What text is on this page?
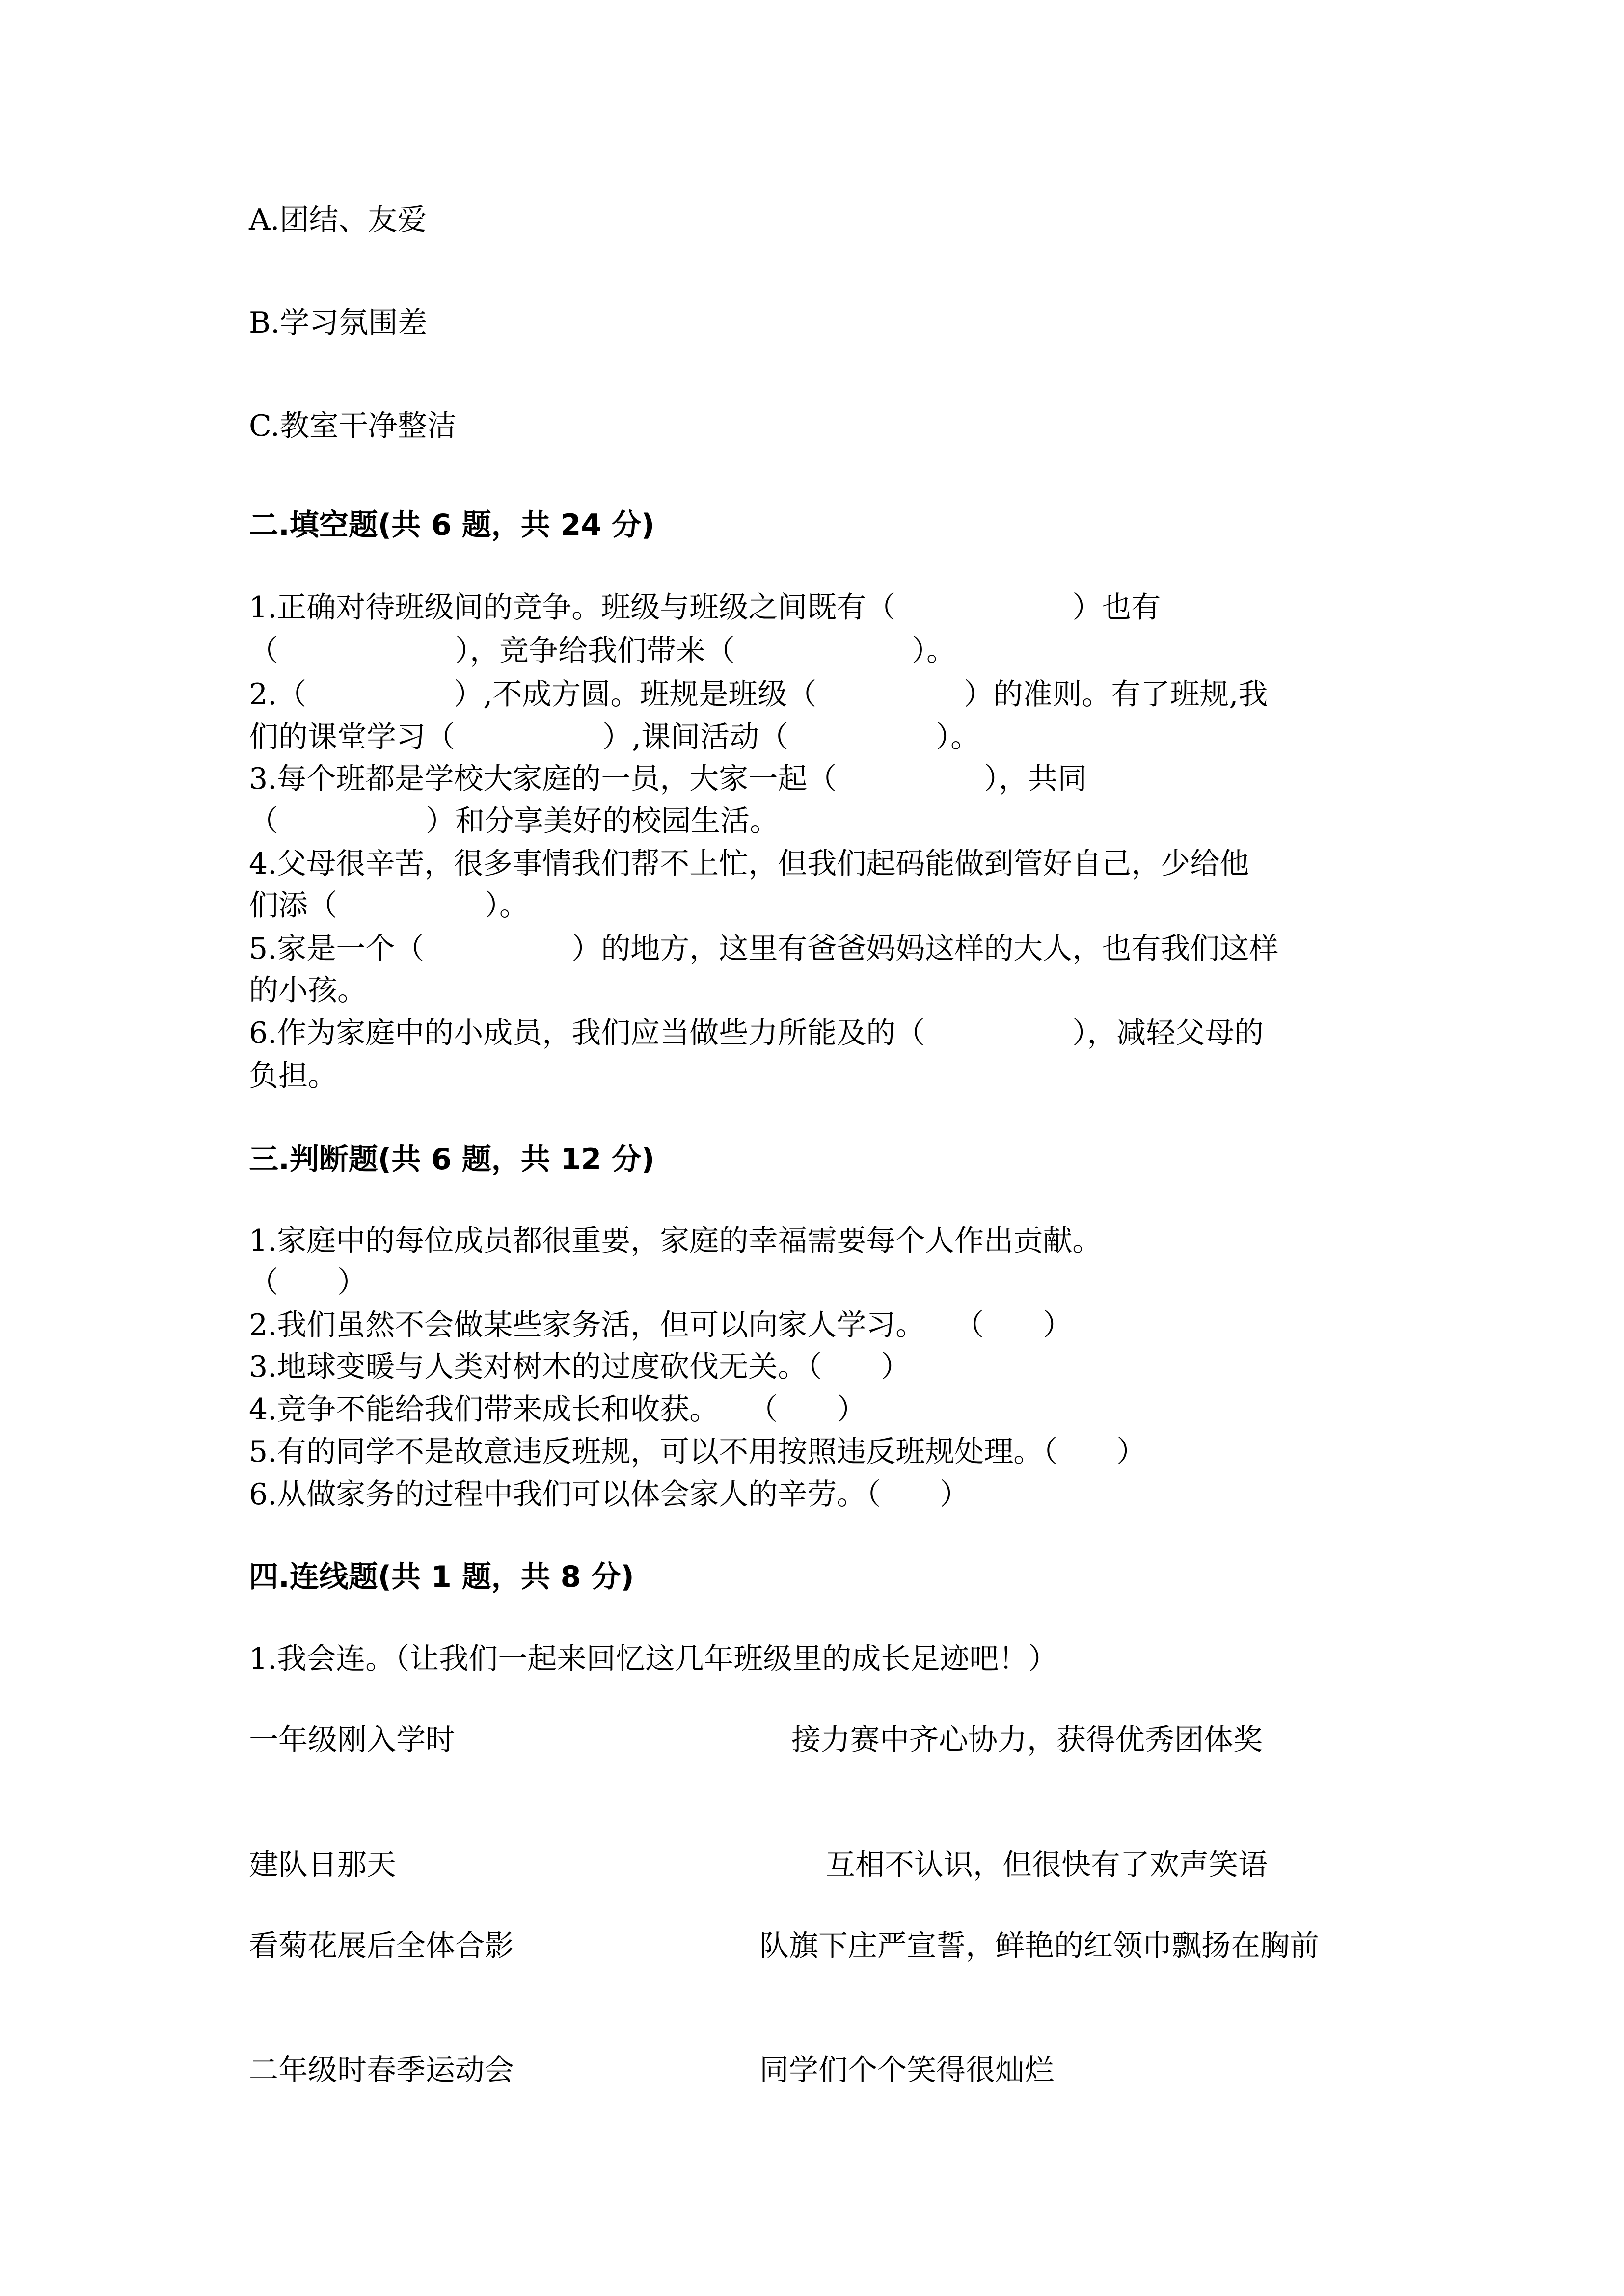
A.团结、友爱
B.学习氛围差
C.教室干净整洁
二.填空题(共 6 题，共 24 分)
1.正确对待班级间的竞争。班级与班级之间既有（　　　　　　）也有
（　　　　　　），竞争给我们带来（　　　　　　）。
2.（　　　　　）,不成方圆。班规是班级（　　　　　）的准则。有了班规,我
们的课堂学习（　　　　　）,课间活动（　　　　　）。
3.每个班都是学校大家庭的一员，大家一起（　　　　　），共同
（　　　　　）和分享美好的校园生活。
4.父母很辛苦，很多事情我们帮不上忙，但我们起码能做到管好自己，少给他
们添（　　　　　）。
5.家是一个（　　　　　）的地方，这里有爸爸妈妈这样的大人，也有我们这样
的小孩。
6.作为家庭中的小成员，我们应当做些力所能及的（　　　　　），减轻父母的
负担。
三.判断题(共 6 题，共 12 分)
1.家庭中的每位成员都很重要，家庭的幸福需要每个人作出贡献。
（　　）
2.我们虽然不会做某些家务活，但可以向家人学习。　　（　　）
3.地球变暖与人类对树木的过度砍伐无关。（　　）
4.竞争不能给我们带来成长和收获。　　（　　）
5.有的同学不是故意违反班规，可以不用按照违反班规处理。（　　）
6.从做家务的过程中我们可以体会家人的辛劳。（　　）
四.连线题(共 1 题，共 8 分)
1.我会连。（让我们一起来回忆这几年班级里的成长足迹吧！）
一年级刚入学时
建队日那天
看菊花展后全体合影
二年级时春季运动会
接力赛中齐心协力，获得优秀团体奖
互相不认识，但很快有了欢声笑语
队旗下庄严宣誓，鲜艳的红领巾飘扬在胸前
同学们个个笑得很灿烂
